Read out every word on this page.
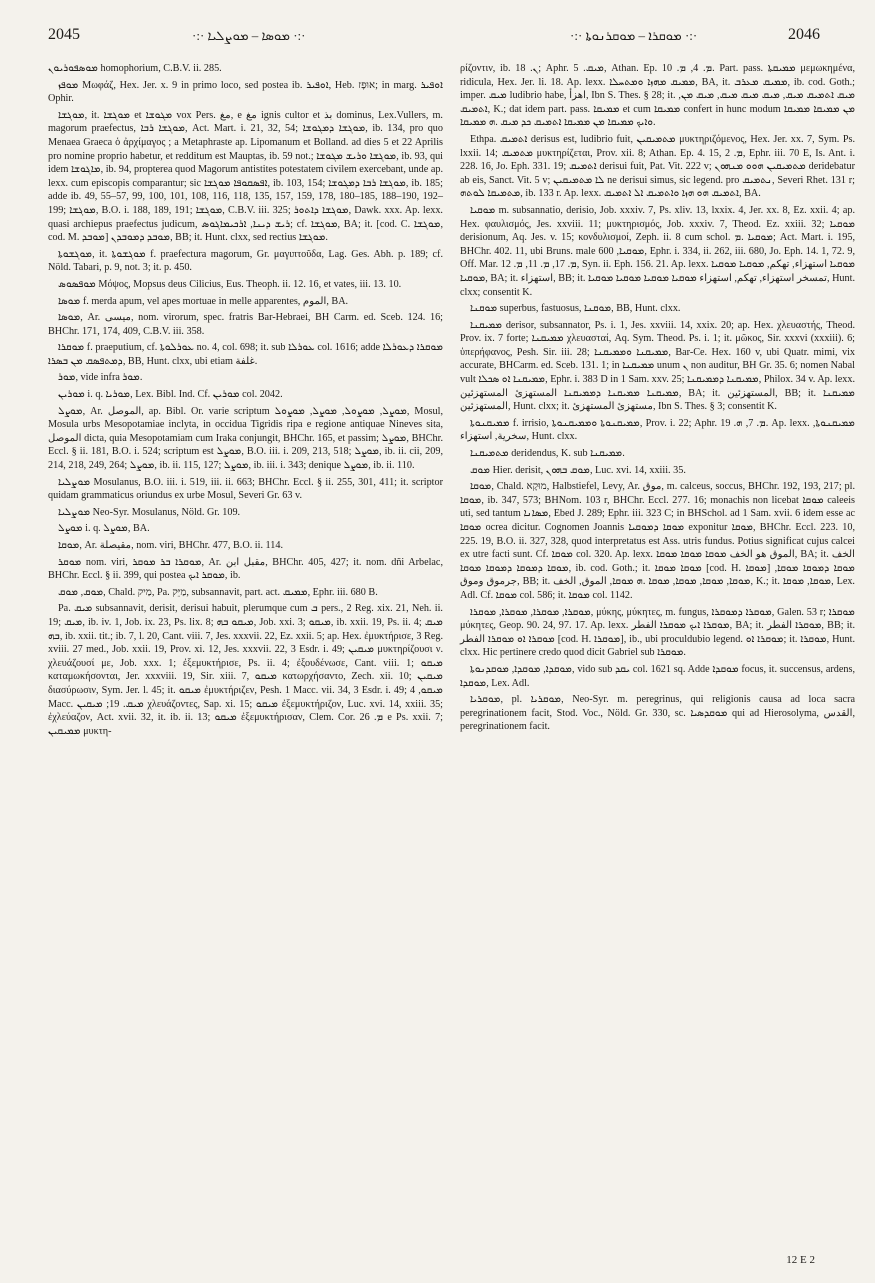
2045	·:· ܡܘܣܐ ‒ ܡܘܨܠܝܐ ·:·	·:· ܡܘܩܪܐ ‒ ܡܘܩܪܢܘܬܐ ·:·	2046

ܡܘܣܦܘܪܝܘܢ homophorium, C.B.V. ii. 285.

ܡܘܦܙ Μωφάζ, Hex. Jer. x. 9 in primo loco, sed postea ib. ܐܘܦܝܪ, Heb. אוּפָז; in marg. ܐܘܦܝܪ Ophir.

ܡܘܓܫܐ, it. ܡܘܓܫܐ et ܡܓܘܫܐ vox Pers. مغ, e مغ ignis cultor et بذ dominus, Lex.Vullers, m. magorum praefectus, ܡܘܓܫܐ ܪܒܐ, Act. Mart. i. 21, 32, 54; ܡܘܓܫܐ ܕܡܓܘܫܐ, ib. 134, pro quo Menaea Graeca ὁ ἀρχίμαγος ; a Metaphraste ap. Lipomanum et Bolland. ad dies 5 et 22 Aprilis pro nomine proprio habetur, et redditum est Mauptas, ib. 59 not.; ܡܘܓܫܐ ܘܪܝܫ ܡܓܘܫܐ, ib. 93, qui idem ܡܐܓܘܫܐ, ib. 94, propterea quod Magorum antistites potestatem civilem exercebant, unde ap. lexx. cum episcopis comparantur; sic ܐܦܣܩܘܦܐ ܡܘܓܫܐ, ib. 103, 154; ܡܘܓܫܐ ܪܒܐ ܕܡܓܘܫܐ, ib. 185; adde ib. 49, 55–57, 99, 100, 101, 108, 116, 118, 135, 157, 159, 178, 180–185, 188–190, 192–199; ܡܘܓܫܐ, B.O. i. 188, 189, 191; ܡܘܓܫܐ, C.B.V. iii. 325; ܡܘܓܫܐ ܕܐܬܘܪ, Dawk. xxx. Ap. lexx. quasi archiepus praefectus judicum, ܪܝܫ ܕܝܢܐ, ܐܪܟܝܡܐܓܘܣ; cf. ܡܘܓܫܐ, BA; it. [cod. C. ܡܘܓܫܐ, cod. M. ܡܘܒܕ] ܡܘܒܕ ܕܡܘܒܕܢ, BB; it. Hunt. clxx, sed rectius ܡܘܓܫܐ.

ܡܘܓܫܘܬܐ, it. ܡܘܓܫܘܬܐ f. praefectura magorum, Gr. μαγιπτοῦδα, Lag. Ges. Abh. p. 189; cf. Nöld. Tabari, p. 9, not. 3; it. p. 450.

ܡܘܦܣܘܣ Μόψος, Mopsus deus Cilicius, Eus. Theoph. ii. 12. 16, et vates, iii. 13. 10.

ܡܘܣܐ f. merda apum, vel apes mortuae in melle apparentes, الموم, BA.

ܡܘܣܐ, Ar. ميسى, nom. virorum, spec. fratris Bar-Hebraei, BH Carm. ed. Sceb. 124. 16; BHChr. 171, 174, 409, C.B.V. iii. 358.

ܡܘܩܪܐ f. praeputium, cf. ܥܘܪܠܘܬܐ no. 4, col. 698; it. sub ܥܘܪܠܐ col. 1616; adde ܡܘܩܪܐ ܕܥܘܪܠܐ ܕܡܬܦܣܩ ܡܢ ܒܣܪܐ, BB, Hunt. clxx, ubi etiam غلفة.

ܡܘܪ, vide infra ܡܘܪ.

ܡܘܪܝܢ i. q. ܡܘܪܝܐ, Lex. Bibl. Ind. Cf. ܡܘܪܝܢ col. 2042.

ܡܘܨܠ, Ar. الموصل, ap. Bibl. Or. varie scriptum ܡܘܨܠ, ܡܘܨܘܠ, ܡܘܨܠ, ܡܘܨܘܠ, Mosul, Mosula urbs Mesopotamiae inclyta, in occidua Tigridis ripa e regione antiquae Nineves sita, الموصل dicta, quia Mesopotamiam cum Iraka conjungit, BHChr. 165, et passim; ܡܘܨܠ, BHChr. Eccl. § ii. 181, B.O. i. 524; scriptum est ܡܘܨܠ, B.O. iii. i. 209, 213, 518; ܡܘܨܠ, ib. ii. cii, 209, 214, 218, 249, 264; ܡܘܨܠ, ib. ii. 115, 127; ܡܘܨܠ, ib. iii. i. 343; denique ܡܘܨܠ, ib. ii. 110.

ܡܘܨܠܝܐ Mosulanus, B.O. iii. i. 519, iii. ii. 663; BHChr. Eccl. § ii. 255, 301, 411; it. scriptor quidam grammaticus oriundus ex urbe Mosul, Severi Gr. 63 v.

ܡܘܨܠܝܐ Neo-Syr. Mosulanus, Nöld. Gr. 109.

ܡܘܨܠ i. q. ܡܘܨܠ, BA.

ܡܘܩܐ, Ar. مقيصلة, nom. viri, BHChr. 477, B.O. ii. 114.

ܡܘܩܪ nom. viri, ܡܘܩܪܐ ܒܪ ܡܘܩܪ, Ar. مقبل ابن, BHChr. 405, 427; it. nom. dñi Arbelac, BHChr. Eccl. § ii. 399, qui postea ܡܘܩܪ ܐܝܟ, ib.

ܡܘܩ, ܡܘܩ, Chald. מַיק, Pa. מַיֵּק, subsannavit, part. act. ܡܡܝܩ, Ephr. iii. 680 B.

Pa. ܡܝܩ subsannavit, derisit, derisui habuit, plerumque cum ܒ pers., 2 Reg. xix. 21, Neh. ii. 19; ܡܝܩ, ib. iv. 1, Job. ix. 23, Ps. lix. 8; ܡܝܩܘ ܒܗ, Job. xxi. 3; ܡܝܩܘ, ib. xxii. 19, Ps. ii. 4; ܡܝܩ ܒܗ, ib. xxii. tit.; ib. 7, l. 20, Cant. viii. 7, Jes. xxxvii. 22, Ez. xxii. 5; ap. Hex. ἐμυκτήρισε, 3 Reg. xviii. 27 med., Job. xxii. 19, Prov. xi. 12, Jes. xxxvii. 22, 3 Esdr. i. 49; ܡܝܩܝܢ μυκτηρίζουσι ν. χλευάζουσί με, Job. xxx. 1; ἐξεμυκτήρισε, Ps. ii. 4; ἐξουδένωσε, Cant. viii. 1; ܡܝܩܘ καταμωκήσονται, Jer. xxxviii. 19, Sir. xiii. 7, ܡܝܩܘ κατωρχήσαντο, Zech. xii. 10; ܡܝܩܝܢ διασύρωσιν, Sym. Jer. l. 45; it. ܡܝܩܘ ἐμυκτήριζεν, Pesh. 1 Macc. vii. 34, 3 Esdr. i. 49; ܡܝܩܘ, 4 Macc. ܡܝܩ. 19; ܡܝܩܝܢ χλευάζοντες, Sap. xi. 15; ܡܝܩܘ ἐξεμυκτήριζον, Luc. xvi. 14, xxiii. 35; ἐχλεύαζον, Act. xvii. 32, it. ib. ii. 13; ܡܝܩܘ ἐξεμυκτήρισαν, Clem. Cor. ܡ. 26 e Ps. xxii. 7; ܡܡܝܩܝܢ μυκτη-

ρίζοντιν, ib. ܢ. 18; Aphr. ܡܝܩ. 5, Athan. Ep. ܡ. 4, ܡ. 10. Part. pass. ܡܡܝܩܬܐ μεμωκημένα, ridicula, Hex. Jer. li. 18. Ap. lexx. ܡܡܝܩ ܡܗܙܐ ܘܡܬܚܠܐ, BA, it. ܡܡܝܩ ܡܥܪܒ, ib. cod. Goth.; imper. ܡܝܩ ludibrio habe, اهزأ, Ibn S. Thes. § 28; it. ܡܝܩ ܐܬܡܝܩ ܡܝܩ, ܡܝܩ ܡܝܩ ܡܝܩ, ܡܝܩ ܡܢ, ܐܬܡܝܩ, K.; dat idem part. pass. ܡܡܝܩܐ et cum ܡܡܝܩܐ confert in hunc modum ܡܢ ܡܡܝܩܐ ܡܡܝܩܐ ܘܐܝܟ ܡܡܝܩܐ ܡܢ ܡܡܝܩܐ ܐܬܡܝܩ ܟܕ ܡܝܩ .ܗ ܡܡܝܩܐ.

Ethpa. ܐܬܡܝܩ derisus est, ludibrio fuit, ܡܬܡܝܩܝܢ μυκτηριζόμενος, Hex. Jer. xx. 7, Sym. Ps. lxxii. 14; ܡܬܡܝܩ μυκτηρίζεται, Prov. xii. 8; Athan. Ep. 4. 15, ܡ. 2, Ephr. iii. 70 E, Is. Ant. i. 228. 16, Jo. Eph. 331. 19; ܐܬܡܝܩ derisui fuit, Pat. Vit. 222 v; ܡܬܡܝܩܝܢ ܗܘܘ ܡܢܗܘܢ deridebatur ab eis, Sanct. Vit. 5 v; ܠܐ ܡܬܡܝܩܝܢ ne derisui simus, sic legend. pro ܢܬܡܝܩ, Severi Rhet. 131 r; ܡܬܡܝܩܐ ܠܘܬܗ, ib. 133 r. Ap. lexx. ܐܬܡܝܩ ܗܘ ܗܙܐ ܘܐܬܡܝܩ ܐܠ ܐܬܡܝܩ, BA.

ܡܘܩܝܐ m. subsannatio, derisio, Job. xxxiv. 7, Ps. xliv. 13, lxxix. 4, Jer. xx. 8, Ez. xxii. 4; ap. Hex. φαυλισμός, Jes. xxviii. 11; μυκτηρισμός, Job. xxxiv. 7, Theod. Ez. xxiii. 32; ܡܘܩܝܐ derisionum, Aq. Jes. v. 15; κονδυλισμοί, Zeph. ii. 8 cum schol. ܡܘܩܝܐ .ܡ; Act. Mart. i. 195, BHChr. 402. 11, ubi Bruns. male ܡܘܩܝܐ, 600, Ephr. i. 334, ii. 262, iii. 680, Jo. Eph. 14. 1, 72. 9, Off. Mar. ܡ. 17, ܡ. 11, ܡ. 12, Syn. ii. Eph. 156. 21. Ap. lexx. ܡܘܩܝܐ استهزاء, تهكم, ܡܘܩܝܐ ܡܘܩܝܐ ܡܘܩܝܐ, BA; it. استهزاء, BB; it. تمسخر استهزاء, تهكم, استهزاء ܡܘܩܝܐ ܡܘܩܝܐ ܡܘܩܝܐ ܡܘܩܝܐ, Hunt. clxx; consentit K.

ܡܘܩܢܐ superbus, fastuosus, ܡܘܩܢܐ, BB, Hunt. clxx.

ܡܡܝܩܢܐ derisor, subsannator, Ps. i. 1, Jes. xxviii. 14, xxix. 20; ap. Hex. χλευαστής, Theod. Prov. ix. 7 forte; ܡܡܝܩܢܐ χλευασταί, Aq. Sym. Theod. Ps. i. 1; it. μῶκος, Sir. xxxvi (xxxiii). 6; ὑπερήφανος, Pesh. Sir. iii. 28; ܡܡܝܩܢܐ ܘܡܡܝܩܢܐ, Bar-Ce. Hex. 160 v, ubi Quatr. mimi, vix accurate, BHCarm. ed. Sceb. 131. 1; in ܡܡܝܩܢܐ unum ܢ non auditur, BH Gr. 35. 6; nomen Nabal vult ܡܡܝܩܢܐ ܐܘ ܣܟܠܐ, Ephr. i. 383 D in 1 Sam. xxv. 25; ܡܡܝܩܢܐ ܕܡܡܝܩܢܐ, Philox. 34 v. Ap. lexx. ܡܡܝܩܢܐ ܡܡܝܩܢܐ ܕܡܡܝܩܢܐ المستهزئ المستهزئين, BA; it. المستهزئين, BB; it. ܡܡܝܩܢܐ المستهزئين, Hunt. clxx; it. مستهزئ المستهزئ, Ibn S. Thes. § 3; consentit K.

ܡܡܝܩܢܘܬܐ f. irrisio, ܡܡܝܩܢܘܬܐ ܘܡܡܝܩܢܘܬܐ, Prov. i. 22; Aphr. ܡ. 7, ܗ. 19. Ap. lexx. ܡܡܝܩܢܘܬܐ, سخرية, استهزاء, Hunt. clxx.

ܡܬܡܝܩܢܐ deridendus, K. sub ܡܡܝܩܢܐ.

ܡܘܩ Hier. derisit, ܡܘܩ ܒܗܘܢ, Luc. xvi. 14, xxiii. 35.

ܡܘܩܐ, Chald. מוּקָא, Halbstiefel, Levy, Ar. موق, m. calceus, soccus, BHChr. 192, 193, 217; pl. ܡܘܩܐ, ib. 347, 573; BHNom. 103 r, BHChr. Eccl. 277. 16; monachis non licebat ܡܘܩܐ caleeis uti, sed tantum ܡܣܐܢܐ, Ebed J. 289; Ephr. iii. 323 C; in BHSchol. ad 1 Sam. xvii. 6 idem esse ac ܡܘܩܐ ocrea dicitur. Cognomen Joannis ܡܘܩܐ ܕܡܘܩܝܐ exponitur ܡܘܩܐ, BHChr. Eccl. 223. 10, 225. 19, B.O. ii. 327, 328, quod interpretatus est Ass. utris fundus. Potius significat cujus calcei ex utre facti sunt. Cf. ܡܘܩܐ col. 320. Ap. lexx. الموق هو الخف ܡܘܩܐ ܡܘܩܐ ܡܘܩܐ, BA; it. الخف ܡܘܩܐ ܕܡܘܩܐ ܕܡܘܩܐ ܡܘܩܐ, ib. cod. Goth.; it. ܡܘܩܐ ܡܘܩܐ [cod. H. ܡܘܩܐ] ܡܘܩܐ ܕܡܘܩܐ ܡܘܩܐ, جرموق وموق, BB; it. ܡܘܩܐ, ܡܘܩܐ, ܡܘܩܐ, ܡܘܩܐ .ܗ ܡܘܩܐ, الموق, الخف, K.; it. ܡܘܩܐ, ܡܘܩܐ, Lex. Adl. Cf. ܡܘܩܐ col. 586; it. ܡܘܩܐ col. 1142.

ܡܘܩܪܐ, ܡܘܩܪܐ, ܡܘܩܪܐ, ܡܘܩܪܐ, μύκης, μύκητες, m. fungus, ܡܘܩܪܐ ܕܡܘܩܪܐ, Galen. 53 r; ܡܘܩܪܐ μύκητες, Geop. 90. 24, 97. 17. Ap. lexx. ܡܘܩܪܐ ܐܝܟ ܡܘܩܪܐ الفطر, BA; it. ܡܘܩܪܐ الفطر, BB; it. ܡܘܩܪܐ ܐܘ ܡܘܩܪܐ الفطر [cod. H. ܡܘܩܪܐ], ib., ubi proculdubio legend. ܡܘܩܪܐ ܐܘ; it. ܡܘܩܪܐ, Hunt. clxx. Hic pertinere credo quod dicit Gabriel sub ܡܘܩܪܐ.

ܡܘܩܕܐ, ܡܘܩܕܐ, ܡܘܩܕܢܘܬܐ, vido sub ܝܩܕ col. 1621 sq. Adde ܡܘܩܕܐ focus, it. succensus, ardens, ܡܘܩܕܐ, Lex. Adl.

ܡܘܩܪܝܐ, pl. ܡܘܩܪܝܐ, Neo-Syr. m. peregrinus, qui religionis causa ad loca sacra peregrinationem facit, Stod. Voc., Nöld. Gr. 330, sc. ܡܘܩܕܣܝܐ qui ad Hierosolyma, القدس, peregrinationem facit.

12 E 2
